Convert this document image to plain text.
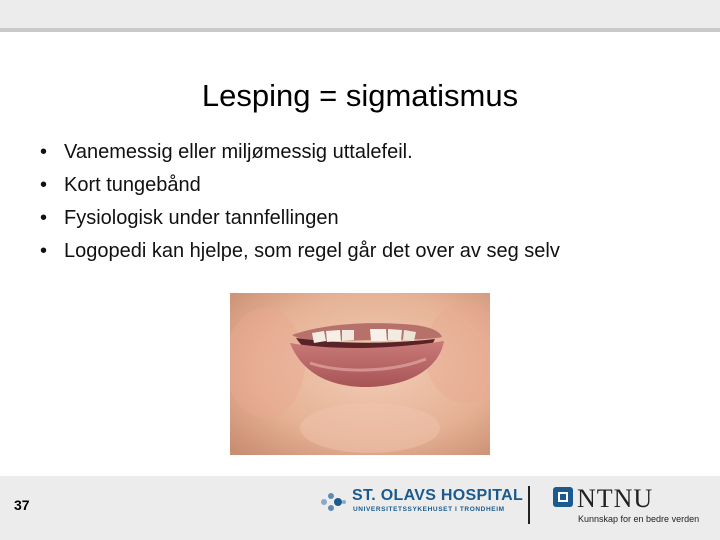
Lesping = sigmatismus
• Vanemessig eller miljømessig uttalefeil.
• Kort tungebånd
• Fysiologisk under tannfellingen
• Logopedi kan hjelpe, som regel går det over av seg selv
37
ST. OLAVS HOSPITAL
UNIVERSITETSSYKEHUSET I TRONDHEIM	NTNU
Kunnskap for en bedre verden
